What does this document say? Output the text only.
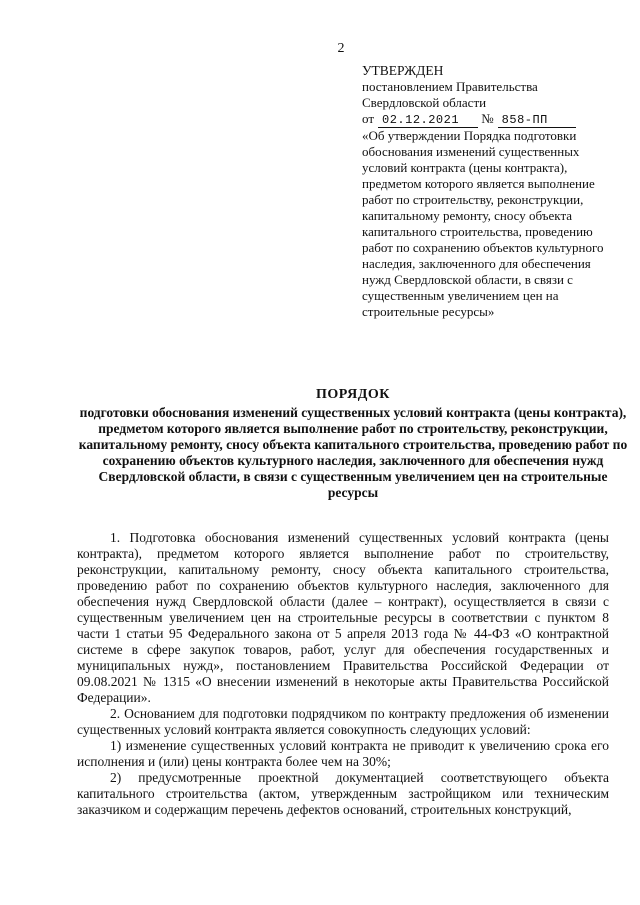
2
УТВЕРЖДЕН
постановлением Правительства
Свердловской области
от 02.12.2021 № 858-ПП
«Об утверждении Порядка подготовки обоснования изменений существенных условий контракта (цены контракта), предметом которого является выполнение работ по строительству, реконструкции, капитальному ремонту, сносу объекта капитального строительства, проведению работ по сохранению объектов культурного наследия, заключенного для обеспечения нужд Свердловской области, в связи с существенным увеличением цен на строительные ресурсы»
ПОРЯДОК
подготовки обоснования изменений существенных условий контракта (цены контракта), предметом которого является выполнение работ по строительству, реконструкции, капитальному ремонту, сносу объекта капитального строительства, проведению работ по сохранению объектов культурного наследия, заключенного для обеспечения нужд Свердловской области, в связи с существенным увеличением цен на строительные ресурсы

1. Подготовка обоснования изменений существенных условий контракта (цены контракта), предметом которого является выполнение работ по строительству, реконструкции, капитальному ремонту, сносу объекта капитального строительства, проведению работ по сохранению объектов культурного наследия, заключенного для обеспечения нужд Свердловской области (далее – контракт), осуществляется в связи с существенным увеличением цен на строительные ресурсы в соответствии с пунктом 8 части 1 статьи 95 Федерального закона от 5 апреля 2013 года № 44-ФЗ «О контрактной системе в сфере закупок товаров, работ, услуг для обеспечения государственных и муниципальных нужд», постановлением Правительства Российской Федерации от 09.08.2021 № 1315 «О внесении изменений в некоторые акты Правительства Российской Федерации».

2. Основанием для подготовки подрядчиком по контракту предложения об изменении существенных условий контракта является совокупность следующих условий:

1) изменение существенных условий контракта не приводит к увеличению срока его исполнения и (или) цены контракта более чем на 30%;

2) предусмотренные проектной документацией соответствующего объекта капитального строительства (актом, утвержденным застройщиком или техническим заказчиком и содержащим перечень дефектов оснований, строительных конструкций,
